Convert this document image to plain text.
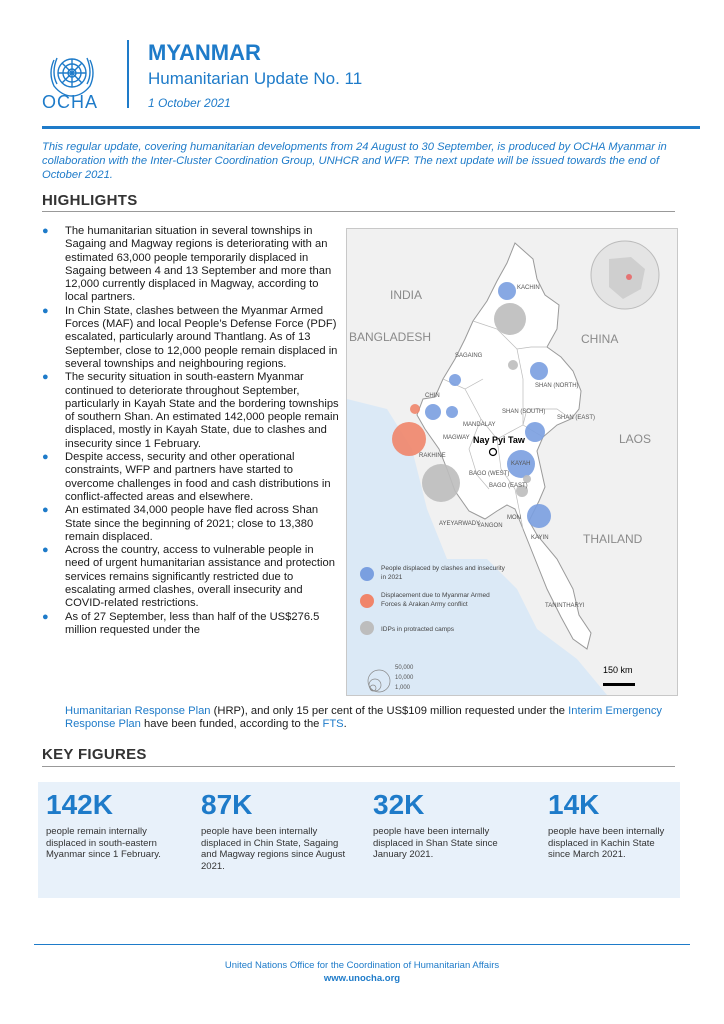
OCHA
MYANMAR
Humanitarian Update No. 11
1 October 2021
This regular update, covering humanitarian developments from 24 August to 30 September, is produced by OCHA Myanmar in collaboration with the Inter-Cluster Coordination Group, UNHCR and WFP. The next update will be issued towards the end of October 2021.
HIGHLIGHTS
● The humanitarian situation in several townships in Sagaing and Magway regions is deteriorating with an estimated 63,000 people temporarily displaced in Sagaing between 4 and 13 September and more than 12,000 currently displaced in Magway, according to local partners.
● In Chin State, clashes between the Myanmar Armed Forces (MAF) and local People’s Defense Force (PDF) escalated, particularly around Thantlang. As of 13 September, close to 12,000 people remain displaced in several townships and neighbouring regions.
● The security situation in south-eastern Myanmar continued to deteriorate throughout September, particularly in Kayah State and the bordering townships of southern Shan. An estimated 142,000 people remain displaced, mostly in Kayah State, due to clashes and insecurity since 1 February.
● Despite access, security and other operational constraints, WFP and partners have started to overcome challenges in food and cash distributions in conflict-affected areas and elsewhere.
● An estimated 34,000 people have fled across Shan State since the beginning of 2021; close to 13,380 remain displaced.
● Across the country, access to vulnerable people in need of urgent humanitarian assistance and protection services remains significantly restricted due to escalating armed clashes, overall insecurity and COVID-related restrictions.
● As of 27 September, less than half of the US$276.5 million requested under the
Humanitarian Response Plan (HRP), and only 15 per cent of the US$109 million requested under the Interim Emergency Response Plan have been funded, according to the FTS.
INDIA
BANGLADESH	CHINA
LAOS
THAILAND
KACHIN
SAGAING
SHAN (NORTH)
CHIN
SHAN (SOUTH)
SHAN (EAST)
MANDALAY
MAGWAY
RAKHINE
KAYAH
BAGO (WEST)
BAGO (EAST)
KAYIN
MON
AYEYARWADY
YANGON
TANINTHARYI
Nay Pyi Taw
People displaced by clashes and insecurity
in 2021
Displacement due to Myanmar Armed
Forces & Arakan Army conflict
IDPs in protracted camps
50,000
10,000
1,000
150 km
KEY FIGURES
142K
people remain internally displaced in south-eastern Myanmar since 1 February.
87K
people have been internally displaced in Chin State, Sagaing and Magway regions since August 2021.
32K
people have been internally displaced in Shan State since January 2021.
14K
people have been internally displaced in Kachin State since March 2021.
United Nations Office for the Coordination of Humanitarian Affairs
www.unocha.org
